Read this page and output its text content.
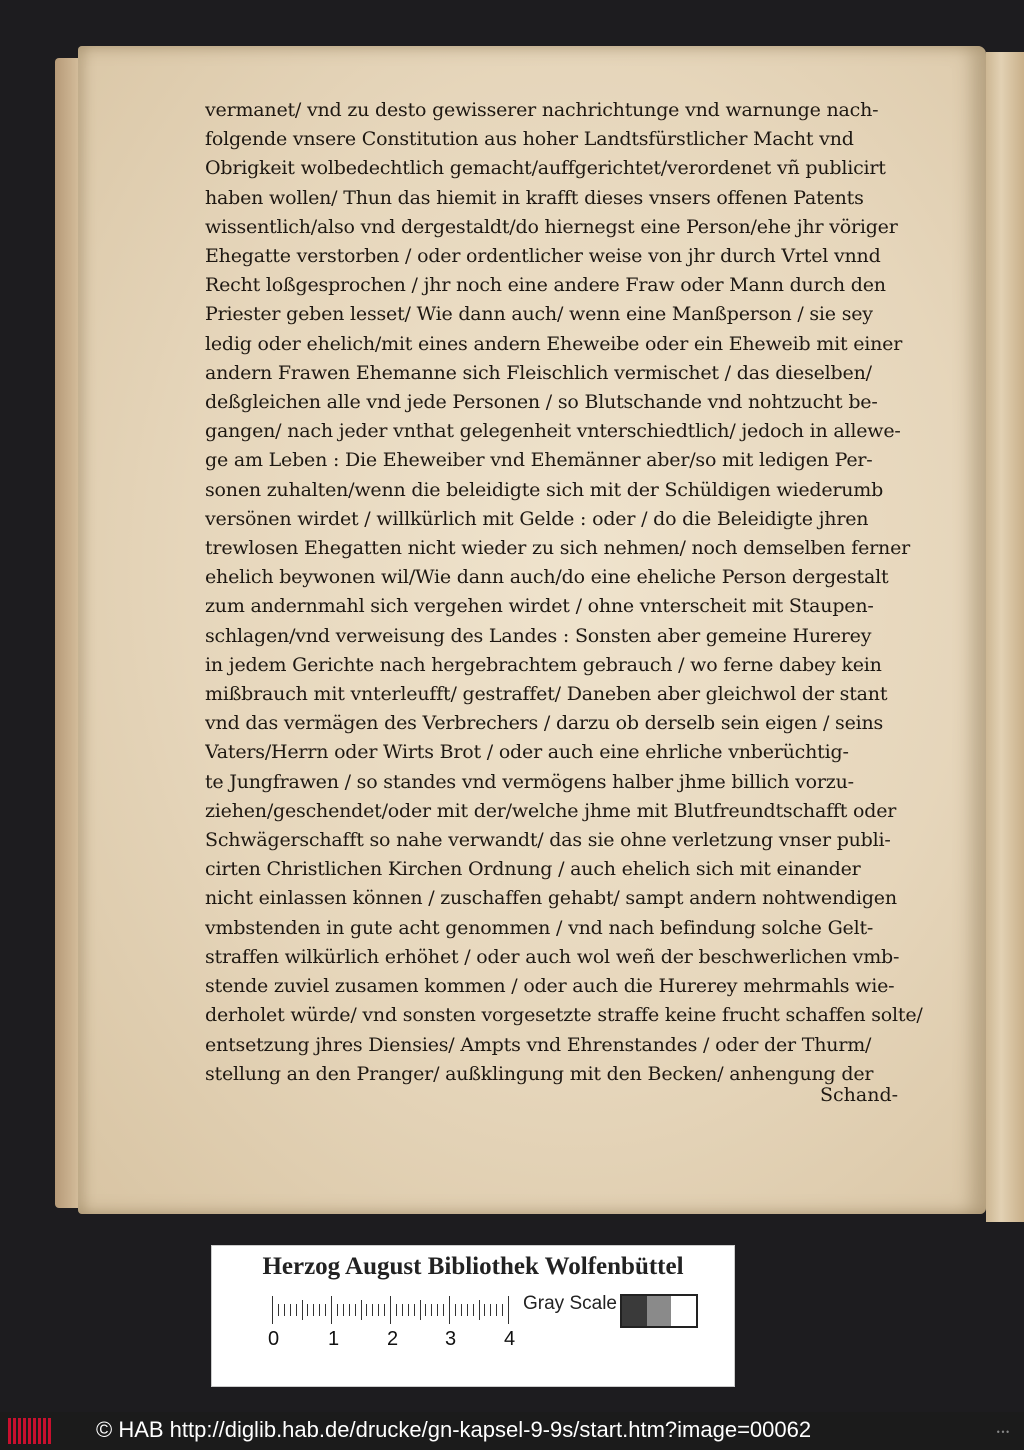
vermanet/ vnd zu desto gewisserer nachrichtunge vnd warnunge nach-
folgende vnsere Constitution aus hoher Landtsfürstlicher Macht vnd
Obrigkeit wolbedechtlich gemacht/auffgerichtet/verordenet vñ publicirt
haben wollen/ Thun das hiemit in krafft dieses vnsers offenen Patents
wissentlich/also vnd dergestaldt/do hiernegst eine Person/ehe jhr vöriger
Ehegatte verstorben / oder ordentlicher weise von jhr durch Vrtel vnnd
Recht loßgesprochen / jhr noch eine andere Fraw oder Mann durch den
Priester geben lesset/ Wie dann auch/ wenn eine Manßperson / sie sey
ledig oder ehelich/mit eines andern Eheweibe oder ein Eheweib mit einer
andern Frawen Ehemanne sich Fleischlich vermischet / das dieselben/
deßgleichen alle vnd jede Personen / so Blutschande vnd nohtzucht be-
gangen/ nach jeder vnthat gelegenheit vnterschiedtlich/ jedoch in allewe-
ge am Leben : Die Eheweiber vnd Ehemänner aber/so mit ledigen Per-
sonen zuhalten/wenn die beleidigte sich mit der Schüldigen wiederumb
versönen wirdet / willkürlich mit Gelde : oder / do die Beleidigte jhren
trewlosen Ehegatten nicht wieder zu sich nehmen/ noch demselben ferner
ehelich beywonen wil/Wie dann auch/do eine eheliche Person dergestalt
zum andernmahl sich vergehen wirdet / ohne vnterscheit mit Staupen-
schlagen/vnd verweisung des Landes : Sonsten aber gemeine Hurerey
in jedem Gerichte nach hergebrachtem gebrauch / wo ferne dabey kein
mißbrauch mit vnterleufft/ gestraffet/ Daneben aber gleichwol der stant
vnd das vermägen des Verbrechers / darzu ob derselb sein eigen / seins
Vaters/Herrn oder Wirts Brot / oder auch eine ehrliche vnberüchtig-
te Jungfrawen / so standes vnd vermögens halber jhme billich vorzu-
ziehen/geschendet/oder mit der/welche jhme mit Blutfreundtschafft oder
Schwägerschafft so nahe verwandt/ das sie ohne verletzung vnser publi-
cirten Christlichen Kirchen Ordnung / auch ehelich sich mit einander
nicht einlassen können / zuschaffen gehabt/ sampt andern nohtwendigen
vmbstenden in gute acht genommen / vnd nach befindung solche Gelt-
straffen wilkürlich erhöhet / oder auch wol weñ der beschwerlichen vmb-
stende zuviel zusamen kommen / oder auch die Hurerey mehrmahls wie-
derholet würde/ vnd sonsten vorgesetzte straffe keine frucht schaffen solte/
entsetzung jhres Diensies/ Ampts vnd Ehrenstandes / oder der Thurm/
stellung an den Pranger/ außklingung mit den Becken/ anhengung der
Schand-
Herzog August Bibliothek Wolfenbüttel
0 1 2 3 4
Gray Scale
© HAB http://diglib.hab.de/drucke/gn-kapsel-9-9s/start.htm?image=00062	•••
